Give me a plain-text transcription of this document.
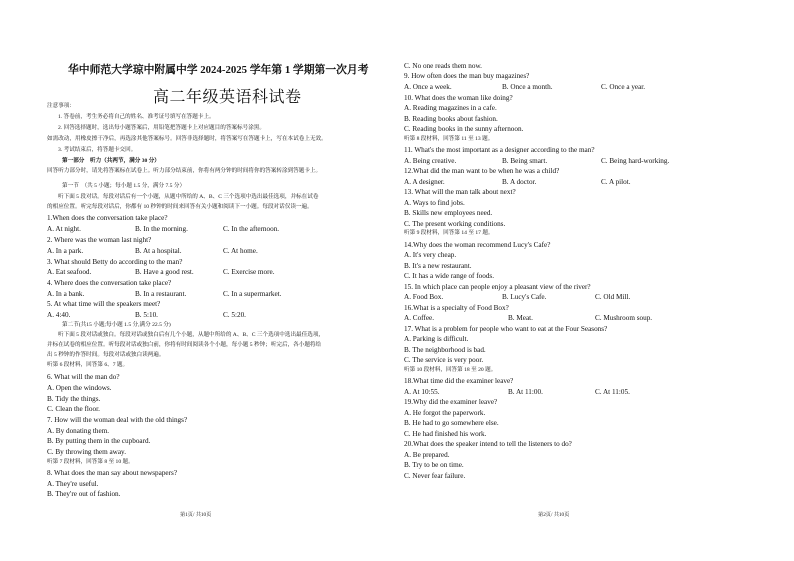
华中师范大学琼中附属中学 2024-2025 学年第 1 学期第一次月考
高二年级英语科试卷
注意事项：
1. 答卷前，考生务必将自己的姓名、准考证号填写在答题卡上。
2. 回答选择题时，选出每小题答案后，用铅笔把答题卡上对应题目的答案标号涂黑。
如需改动，用橡皮擦干净后，再选涂其他答案标号。回答非选择题时，将答案写在答题卡上，写在本试卷上无效。
3. 考试结束后，将答题卡交回。
第一部分　听力（共两节，满分 30 分）
回答听力部分时，请先将答案标在试卷上。听力部分结束前，你将有两分钟的时间将你的答案转涂到答题卡上。
第一节　（共 5 小题；每小题 1.5 分，满分 7.5 分）
听下面 5 段对话。每段对话后有一个小题，从题中所给的 A、B、C 三个选项中选出最佳选项，并标在试卷
的相应位置。听完每段对话后，你都有 10 秒钟的时间来回答有关小题和阅读下一小题。每段对话仅读一遍。
1.When does the conversation take place?
A. At night.	B. In the morning.	C. In the afternoon.
2. Where was the woman last night?
A. In a park.	B. At a hospital.	C. At home.
3. What should Betty do according to the man?
A. Eat seafood.	B. Have a good rest.	C. Exercise more.
4. Where does the conversation take place?
A. In a bank.	B. In a restaurant.	C. In a supermarket.
5. At what time will the speakers meet?
A. 4:40.	B. 5:10.	C. 5:20.
第二节(共15 小题;每小题 1.5 分,满分 22.5 分)
听下面 5 段对话或独白。每段对话或独白后有几个小题，从题中所给的 A、B、C 三个选项中选出最佳选项，
并标在试卷的相应位置。听每段对话或独白前，你将有时间阅读各个小题，每小题 5 秒钟；听完后，各小题将给
出 5 秒钟的作答时间。每段对话或独白读两遍。
听第 6 段材料，回答第 6、7 题。
6. What will the man do?
A. Open the windows.
B. Tidy the things.
C. Clean the floor.
7. How will the woman deal with the old things?
A. By donating them.
B. By putting them in the cupboard.
C. By throwing them away.
听第 7 段材料，回答第 8 至 10 题。
8. What does the man say about newspapers?
A. They're useful.
B. They're out of fashion.
C. No one reads them now.
9. How often does the man buy magazines?
A. Once a week.	B. Once a month.	C. Once a year.
10. What does the woman like doing?
A. Reading magazines in a cafe.
B. Reading books about fashion.
C. Reading books in the sunny afternoon.
听第 8 段材料，回答第 11 至 13 题。
11. What's the most important as a designer according to the man?
A. Being creative.	B. Being smart.	C. Being hard-working.
12.What did the man want to be when he was a child?
A. A designer.	B. A doctor.	C. A pilot.
13. What will the man talk about next?
A. Ways to find jobs.
B. Skills new employees need.
C. The present working conditions.
听第 9 段材料，回答第 14 至 17 题。
14.Why does the woman recommend Lucy's Cafe?
A. It's very cheap.
B. It's a new restaurant.
C. It has a wide range of foods.
15. In which place can people enjoy a pleasant view of the river?
A. Food Box.	B. Lucy's Cafe.	C. Old Mill.
16.What is a specialty of Food Box?
A. Coffee.	B. Meat.	C. Mushroom soup.
17. What is a problem for people who want to eat at the Four Seasons?
A. Parking is difficult.
B. The neighborhood is bad.
C. The service is very poor.
听第 10 段材料，回答第 18 至 20 题。
18.What time did the examiner leave?
A. At 10:55.	B. At 11:00.	C. At 11:05.
19.Why did the examiner leave?
A. He forgot the paperwork.
B. He had to go somewhere else.
C. He had finished his work.
20.What does the speaker intend to tell the listeners to do?
A. Be prepared.
B. Try to be on time.
C. Never fear failure.
第1页/ 共10页	第2页/ 共10页
